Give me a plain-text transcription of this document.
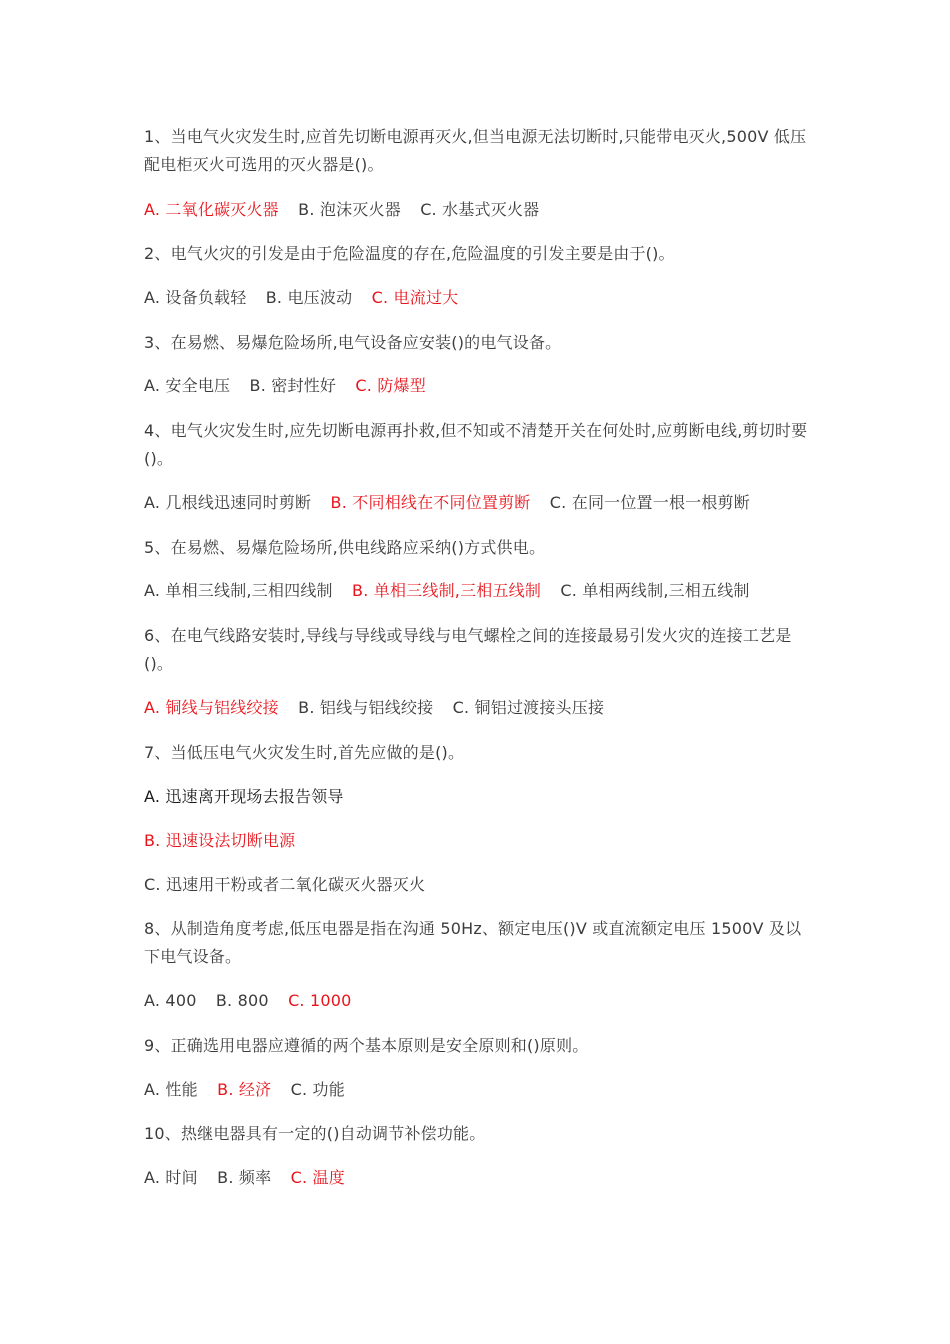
1、当电气火灾发生时,应首先切断电源再灭火,但当电源无法切断时,只能带电灭火,500V 低压配电柜灭火可选用的灭火器是()。

A. 二氧化碳灭火器 B. 泡沫灭火器 C. 水基式灭火器

2、电气火灾的引发是由于危险温度的存在,危险温度的引发主要是由于()。

A. 设备负载轻 B. 电压波动 C. 电流过大

3、在易燃、易爆危险场所,电气设备应安装()的电气设备。

A. 安全电压 B. 密封性好 C. 防爆型

4、电气火灾发生时,应先切断电源再扑救,但不知或不清楚开关在何处时,应剪断电线,剪切时要()。

A. 几根线迅速同时剪断 B. 不同相线在不同位置剪断 C. 在同一位置一根一根剪断

5、在易燃、易爆危险场所,供电线路应采纳()方式供电。

A. 单相三线制,三相四线制 B. 单相三线制,三相五线制 C. 单相两线制,三相五线制

6、在电气线路安装时,导线与导线或导线与电气螺栓之间的连接最易引发火灾的连接工艺是()。

A. 铜线与铝线绞接 B. 铝线与铝线绞接 C. 铜铝过渡接头压接

7、当低压电气火灾发生时,首先应做的是()。

A. 迅速离开现场去报告领导
B. 迅速设法切断电源
C. 迅速用干粉或者二氧化碳灭火器灭火

8、从制造角度考虑,低压电器是指在沟通 50Hz、额定电压()V 或直流额定电压 1500V 及以下电气设备。

A. 400 B. 800 C. 1000

9、正确选用电器应遵循的两个基本原则是安全原则和()原则。

A. 性能 B. 经济 C. 功能

10、热继电器具有一定的()自动调节补偿功能。

A. 时间 B. 频率 C. 温度
